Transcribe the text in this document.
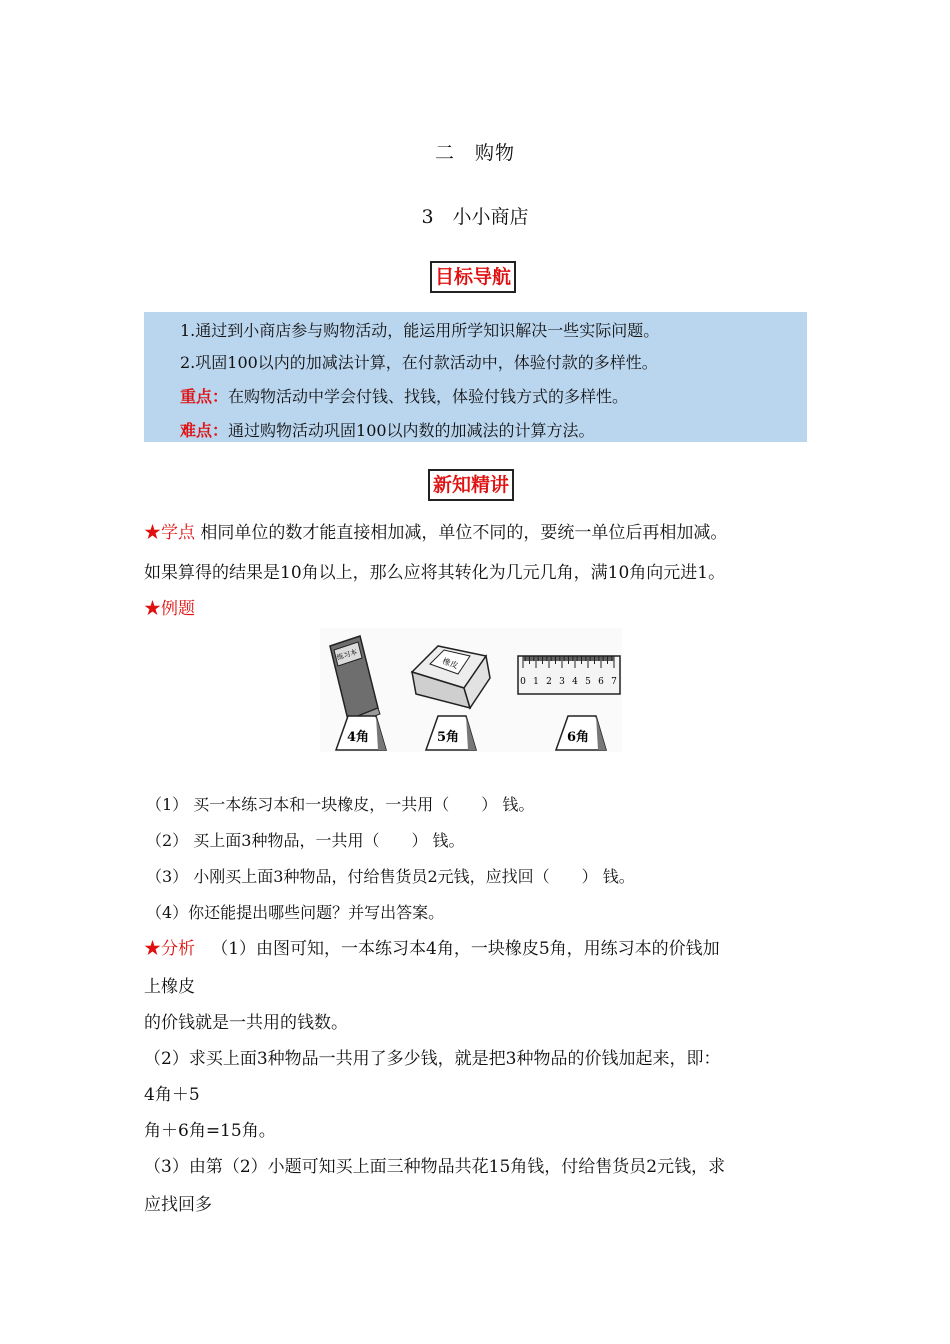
二　购物
3　小小商店
目标导航
1.通过到小商店参与购物活动，能运用所学知识解决一些实际问题。
2.巩固100以内的加减法计算，在付款活动中，体验付款的多样性。
重点：在购物活动中学会付钱、找钱，体验付钱方式的多样性。
难点：通过购物活动巩固100以内数的加减法的计算方法。
新知精讲
★学点 相同单位的数才能直接相加减，单位不同的，要统一单位后再相加减。
如果算得的结果是10角以上，那么应将其转化为几元几角，满10角向元进1。
★例题
练习本
橡皮
0 1 2 3 4 5 6 7
4角	5角	6角
（1） 买一本练习本和一块橡皮，一共用（　　） 钱。
（2） 买上面3种物品，一共用（　　） 钱。
（3） 小刚买上面3种物品，付给售货员2元钱，应找回（　　） 钱。
（4）你还能提出哪些问题？并写出答案。
★分析 （1）由图可知，一本练习本4角，一块橡皮5角，用练习本的价钱加
上橡皮
的价钱就是一共用的钱数。
（2）求买上面3种物品一共用了多少钱，就是把3种物品的价钱加起来，即：
4角＋5
角＋6角=15角。
（3）由第（2）小题可知买上面三种物品共花15角钱，付给售货员2元钱，求
应找回多
